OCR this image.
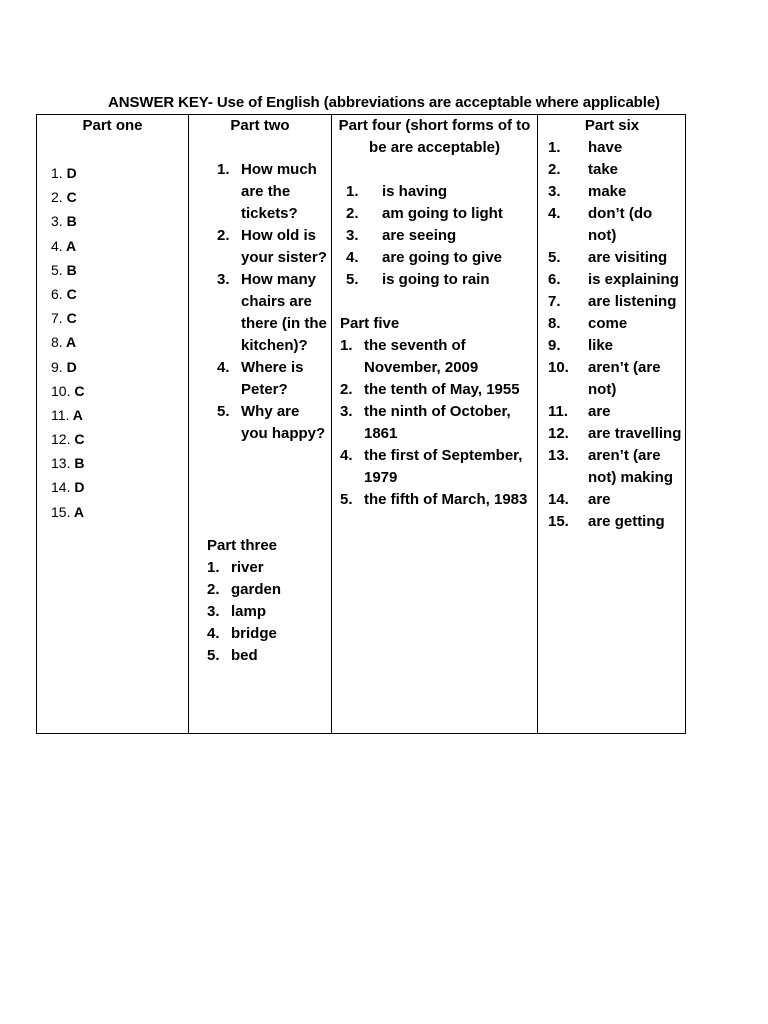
ANSWER KEY- Use of English (abbreviations are acceptable where applicable)
Part one
1. D
2. C
3. B
4. A
5. B
6. C
7. C
8. A
9. D
10. C
11. A
12. C
13. B
14. D
15. A
Part two
1. How much are the tickets?
2. How old is your sister?
3. How many chairs are there (in the kitchen)?
4. Where is Peter?
5. Why are you happy?
Part three
1. river
2. garden
3. lamp
4. bridge
5. bed
Part four (short forms of to be are acceptable)
1. is having
2. am going to light
3. are seeing
4. are going to give
5. is going to rain
Part five
1. the seventh of November, 2009
2. the tenth of May, 1955
3. the ninth of October, 1861
4. the first of September, 1979
5. the fifth of March, 1983
Part six
1. have
2. take
3. make
4. don’t (do not)
5. are visiting
6. is explaining
7. are listening
8. come
9. like
10. aren’t (are not)
11. are
12. are travelling
13. aren’t (are not) making
14. are
15. are getting
